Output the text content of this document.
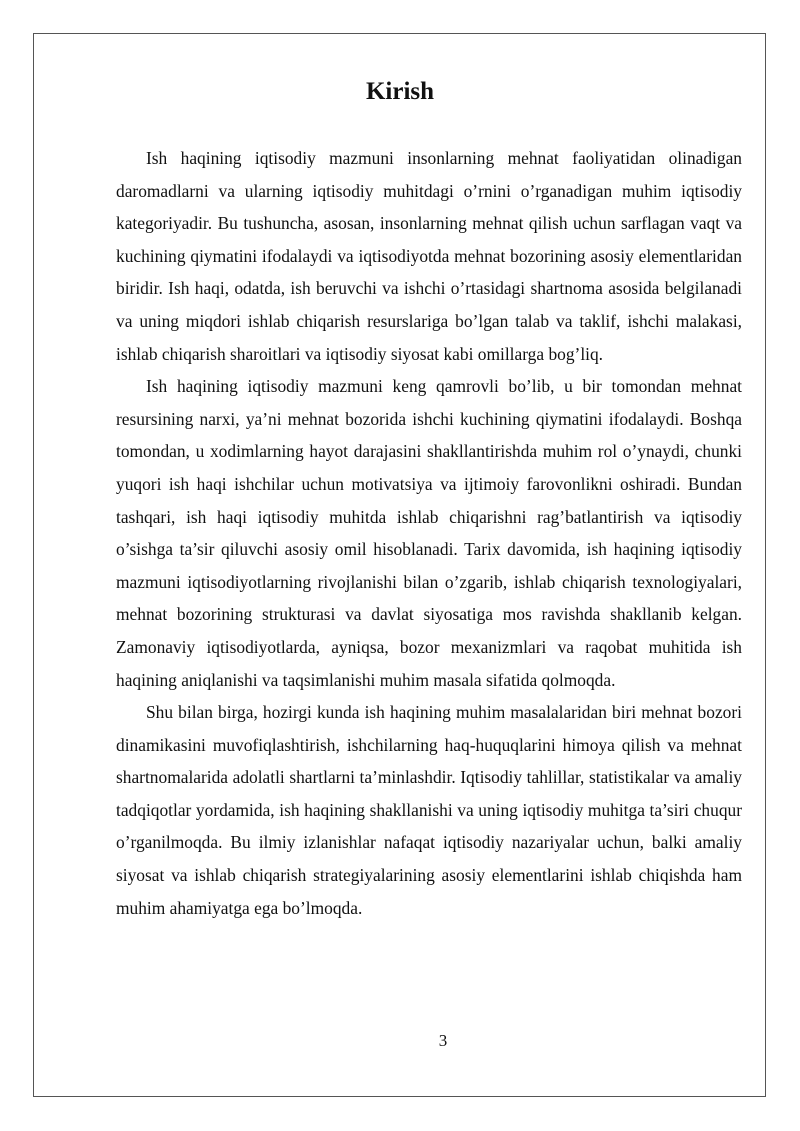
Kirish

Ish haqining iqtisodiy mazmuni insonlarning mehnat faoliyatidan olinadigan daromadlarni va ularning iqtisodiy muhitdagi o’rnini o’rganadigan muhim iqtisodiy kategoriyadir. Bu tushuncha, asosan, insonlarning mehnat qilish uchun sarflagan vaqt va kuchining qiymatini ifodalaydi va iqtisodiyotda mehnat bozorining asosiy elementlaridan biridir. Ish haqi, odatda, ish beruvchi va ishchi o’rtasidagi shartnoma asosida belgilanadi va uning miqdori ishlab chiqarish resurslariga bo’lgan talab va taklif, ishchi malakasi, ishlab chiqarish sharoitlari va iqtisodiy siyosat kabi omillarga bog’liq.

Ish haqining iqtisodiy mazmuni keng qamrovli bo’lib, u bir tomondan mehnat resursining narxi, ya’ni mehnat bozorida ishchi kuchining qiymatini ifodalaydi. Boshqa tomondan, u xodimlarning hayot darajasini shakllantirishda muhim rol o’ynaydi, chunki yuqori ish haqi ishchilar uchun motivatsiya va ijtimoiy farovonlikni oshiradi. Bundan tashqari, ish haqi iqtisodiy muhitda ishlab chiqarishni rag’batlantirish va iqtisodiy o’sishga ta’sir qiluvchi asosiy omil hisoblanadi. Tarix davomida, ish haqining iqtisodiy mazmuni iqtisodiyotlarning rivojlanishi bilan o’zgarib, ishlab chiqarish texnologiyalari, mehnat bozorining strukturasi va davlat siyosatiga mos ravishda shakllanib kelgan. Zamonaviy iqtisodiyotlarda, ayniqsa, bozor mexanizmlari va raqobat muhitida ish haqining aniqlanishi va taqsimlanishi muhim masala sifatida qolmoqda.

Shu bilan birga, hozirgi kunda ish haqining muhim masalalaridan biri mehnat bozori dinamikasini muvofiqlashtirish, ishchilarning haq-huquqlarini himoya qilish va mehnat shartnomalarida adolatli shartlarni ta’minlashdir. Iqtisodiy tahlillar, statistikalar va amaliy tadqiqotlar yordamida, ish haqining shakllanishi va uning iqtisodiy muhitga ta’siri chuqur o’rganilmoqda. Bu ilmiy izlanishlar nafaqat iqtisodiy nazariyalar uchun, balki amaliy siyosat va ishlab chiqarish strategiyalarining asosiy elementlarini ishlab chiqishda ham muhim ahamiyatga ega bo’lmoqda.

3
